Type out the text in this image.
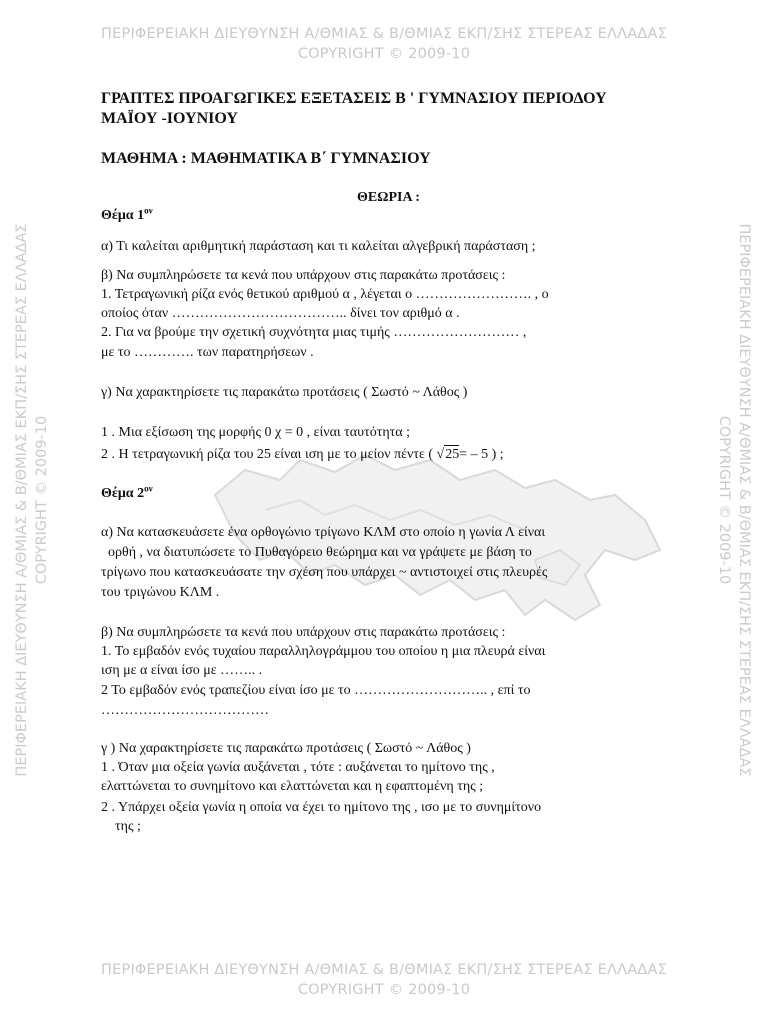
ΠΕΡΙΦΕΡΕΙΑΚΗ ΔΙΕΥΘΥΝΣΗ Α/ΘΜΙΑΣ & Β/ΘΜΙΑΣ ΕΚΠ/ΣΗΣ ΣΤΕΡΕΑΣ ΕΛΛΑΔΑΣ
COPYRIGHT © 2009-10
ΠΕΡΙΦΕΡΕΙΑΚΗ ΔΙΕΥΘΥΝΣΗ Α/ΘΜΙΑΣ & Β/ΘΜΙΑΣ ΕΚΠ/ΣΗΣ ΣΤΕΡΕΑΣ ΕΛΛΑΔΑΣ
COPYRIGHT © 2009-10
ΠΕΡΙΦΕΡΕΙΑΚΗ ΔΙΕΥΘΥΝΣΗ Α/ΘΜΙΑΣ & Β/ΘΜΙΑΣ ΕΚΠ/ΣΗΣ ΣΤΕΡΕΑΣ ΕΛΛΑΔΑΣ COPYRIGHT © 2009-10	ΠΕΡΙΦΕΡΕΙΑΚΗ ΔΙΕΥΘΥΝΣΗ Α/ΘΜΙΑΣ & Β/ΘΜΙΑΣ ΕΚΠ/ΣΗΣ ΣΤΕΡΕΑΣ ΕΛΛΑΔΑΣ
COPYRIGHT © 2009-10
ΓΡΑΠΤΕΣ ΠΡΟΑΓΩΓΙΚΕΣ ΕΞΕΤΑΣΕΙΣ Β ' ΓΥΜΝΑΣΙΟΥ ΠΕΡΙΟΔΟΥ
ΜΑΪΟΥ -ΙΟΥΝΙΟΥ
ΜΑΘΗΜΑ : ΜΑΘΗΜΑΤΙΚΑ Β΄ ΓΥΜΝΑΣΙΟΥ
ΘΕΩΡΙΑ :
Θέμα $1^{o\nu}$
α) Τι καλείται αριθμητική παράσταση και τι καλείται αλγεβρική παράσταση ;
β) Να συμπληρώσετε τα κενά που υπάρχουν στις παρακάτω προτάσεις :
1. Τετραγωνική ρίζα ενός θετικού αριθμού α , λέγεται ο ……………………. , ο
οποίος όταν ……………………………….. δίνει τον αριθμό α .
2. Για να βρούμε την σχετική συχνότητα μιας τιμής ……………………… ,
με το …………. των παρατηρήσεων .
γ) Να χαρακτηρίσετε τις παρακάτω προτάσεις ( Σωστό ~ Λάθος )
1 . Μια εξίσωση της μορφής 0 χ = 0 , είναι ταυτότητα ;
2 . Η τετραγωνική ρίζα του 25 είναι ιση με το μείον πέντε ( √25= – 5 ) ;
Θέμα $2^{o\nu}$
α) Να κατασκευάσετε ένα ορθογώνιο τρίγωνο ΚΛΜ στο οποίο η γωνία Λ είναι
ορθή , να διατυπώσετε το Πυθαγόρειο θεώρημα και να γράψετε με βάση το
τρίγωνο που κατασκευάσατε την σχέση που υπάρχει ~ αντιστοιχεί στις πλευρές
του τριγώνου ΚΛΜ .
β) Να συμπληρώσετε τα κενά που υπάρχουν στις παρακάτω προτάσεις :
1. Το εμβαδόν ενός τυχαίου παραλληλογράμμου του οποίου η μια πλευρά είναι
ιση με α είναι ίσο με …….. .
2 Το εμβαδόν ενός τραπεζίου είναι ίσο με το ……………………….. , επί το
………………………………
γ ) Να χαρακτηρίσετε τις παρακάτω προτάσεις ( Σωστό ~ Λάθος )
1 . Όταν μια οξεία γωνία αυξάνεται , τότε : αυξάνεται το ημίτονο της ,
ελαττώνεται το συνημίτονο και ελαττώνεται και η εφαπτομένη της ;
2 . Υπάρχει οξεία γωνία η οποία να έχει το ημίτονο της , ισο με το συνημίτονο
της ;
